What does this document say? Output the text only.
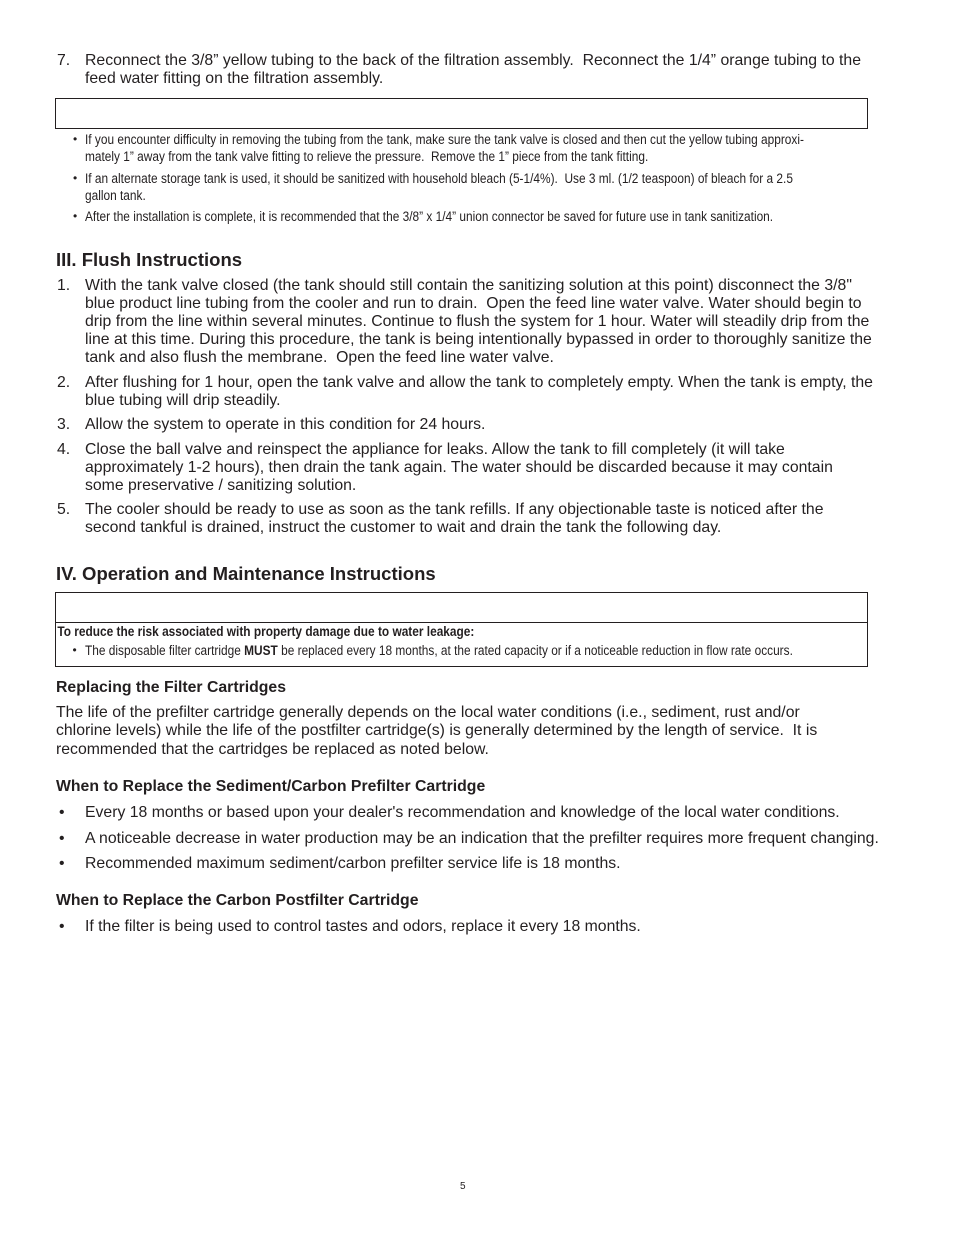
7. Reconnect the 3/8” yellow tubing to the back of the filtration assembly.  Reconnect the 1/4” orange tubing to the
feed water fitting on the filtration assembly.
• If you encounter difficulty in removing the tubing from the tank, make sure the tank valve is closed and then cut the yellow tubing approxi-
mately 1” away from the tank valve fitting to relieve the pressure.  Remove the 1” piece from the tank fitting.
• If an alternate storage tank is used, it should be sanitized with household bleach (5-1/4%).  Use 3 ml. (1/2 teaspoon) of bleach for a 2.5
gallon tank.
• After the installation is complete, it is recommended that the 3/8” x 1/4” union connector be saved for future use in tank sanitization.
III. Flush Instructions
1. With the tank valve closed (the tank should still contain the sanitizing solution at this point) disconnect the 3/8"
blue product line tubing from the cooler and run to drain.  Open the feed line water valve. Water should begin to
drip from the line within several minutes. Continue to flush the system for 1 hour. Water will steadily drip from the
line at this time. During this procedure, the tank is being intentionally bypassed in order to thoroughly sanitize the
tank and also flush the membrane.  Open the feed line water valve.
2. After flushing for 1 hour, open the tank valve and allow the tank to completely empty. When the tank is empty, the
blue tubing will drip steadily.
3. Allow the system to operate in this condition for 24 hours.
4. Close the ball valve and reinspect the appliance for leaks. Allow the tank to fill completely (it will take
approximately 1-2 hours), then drain the tank again. The water should be discarded because it may contain
some preservative / sanitizing solution.
5. The cooler should be ready to use as soon as the tank refills. If any objectionable taste is noticed after the
second tankful is drained, instruct the customer to wait and drain the tank the following day.
IV. Operation and Maintenance Instructions
To reduce the risk associated with property damage due to water leakage:
• The disposable filter cartridge MUST be replaced every 18 months, at the rated capacity or if a noticeable reduction in flow rate occurs.
Replacing the Filter Cartridges
The life of the prefilter cartridge generally depends on the local water conditions (i.e., sediment, rust and/or
chlorine levels) while the life of the postfilter cartridge(s) is generally determined by the length of service.  It is
recommended that the cartridges be replaced as noted below.
When to Replace the Sediment/Carbon Prefilter Cartridge
•	Every 18 months or based upon your dealer's recommendation and knowledge of the local water conditions.
•	A noticeable decrease in water production may be an indication that the prefilter requires more frequent changing.
•	Recommended maximum sediment/carbon prefilter service life is 18 months.
When to Replace the Carbon Postfilter Cartridge
•	If the filter is being used to control tastes and odors, replace it every 18 months.
5
